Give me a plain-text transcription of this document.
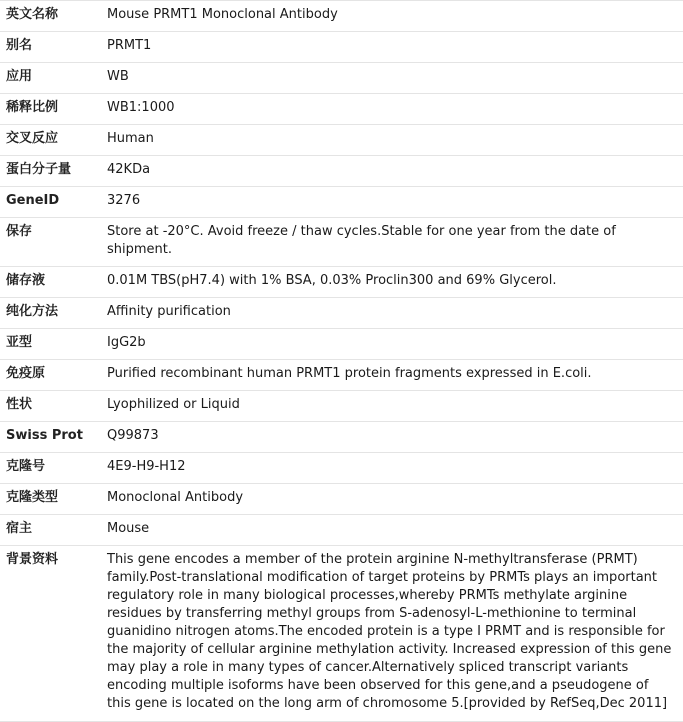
英文名称	Mouse PRMT1 Monoclonal Antibody
别名	PRMT1
应用	WB
稀释比例	WB1:1000
交叉反应	Human
蛋白分子量	42KDa
GeneID	3276
保存	Store at -20°C. Avoid freeze / thaw cycles.Stable for one year from the date of shipment.
储存液	0.01M TBS(pH7.4) with 1% BSA, 0.03% Proclin300 and 69% Glycerol.
纯化方法	Affinity purification
亚型	IgG2b
免疫原	Purified recombinant human PRMT1 protein fragments expressed in E.coli.
性状	Lyophilized or Liquid
Swiss Prot	Q99873
克隆号	4E9-H9-H12
克隆类型	Monoclonal Antibody
宿主	Mouse
背景资料	This gene encodes a member of the protein arginine N-methyltransferase (PRMT) family.Post-translational modification of target proteins by PRMTs plays an important regulatory role in many biological processes,whereby PRMTs methylate arginine residues by transferring methyl groups from S-adenosyl-L-methionine to terminal guanidino nitrogen atoms.The encoded protein is a type I PRMT and is responsible for the majority of cellular arginine methylation activity. Increased expression of this gene may play a role in many types of cancer.Alternatively spliced transcript variants encoding multiple isoforms have been observed for this gene,and a pseudogene of this gene is located on the long arm of chromosome 5.[provided by RefSeq,Dec 2011]
